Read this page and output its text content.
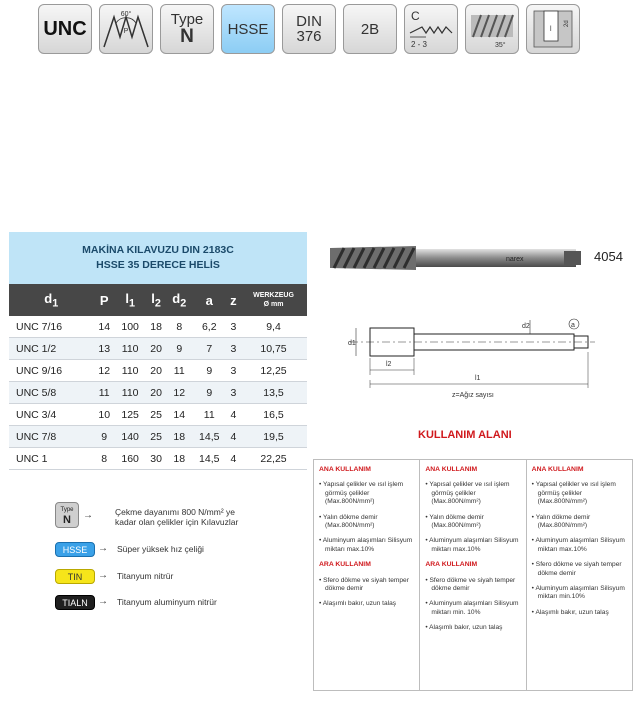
UNC
60°
P
Type
N HSSE DIN
376	2B
C
2 - 3	35°
l
2d
MAKİNA KILAVUZU DIN 2183C
HSSE 35 DERECE HELİS
$d_1$	P	$l_1$	$l_2$	$d_2$	a	z	WERKZEUG
Ø mm

UNC 7/16	14	100	18	8	6,2	3	9,4
UNC 1/2	13	110	20	9	7	3	10,75
UNC 9/16	12	110	20	11	9	3	12,25
UNC 5/8	11	110	20	12	9	3	13,5
UNC 3/4	10	125	25	14	11	4	16,5
UNC 7/8	9	140	25	18	14,5	4	19,5
UNC 1	8	160	30	18	14,5	4	22,25
Type
N	→	Çekme dayanımı 800 N/mm² ye
kadar olan çelikler için Kılavuzlar
HSSE	→ Süper yüksek hız çeliği
TIN	→ Titanyum nitrür
TIALN	→ Titanyum aluminyum nitrür
narex	4054
d1
l2
l1
d2	a
z=Ağız sayısı
KULLANIM ALANI
ANA KULLANIM
• Yapısal çelikler ve ısıl işlem görmüş çelikler (Max.800N/mm²)
• Yalın dökme demir (Max.800N/mm²)
• Aluminyum alaşımları Silisyum miktarı max.10%
ARA KULLANIM
• Sfero dökme ve siyah temper dökme demir
• Alaşımlı bakır, uzun talaş
ANA KULLANIM
• Yapısal çelikler ve ısıl işlem görmüş çelikler (Max.800N/mm²)
• Yalın dökme demir (Max.800N/mm²)
• Aluminyum alaşımları Silisyum miktarı max.10%
ARA KULLANIM
• Sfero dökme ve siyah temper dökme demir
• Aluminyum alaşımları Silisyum miktarı min. 10%
• Alaşımlı bakır, uzun talaş
ANA KULLANIM
• Yapısal çelikler ve ısıl işlem görmüş çelikler (Max.800N/mm²)
• Yalın dökme demir (Max.800N/mm²)
• Aluminyum alaşımları Silisyum miktarı max.10%
• Sfero dökme ve siyah temper dökme demir
• Aluminyum alaşımları Silisyum miktarı min.10%
• Alaşımlı bakır, uzun talaş
